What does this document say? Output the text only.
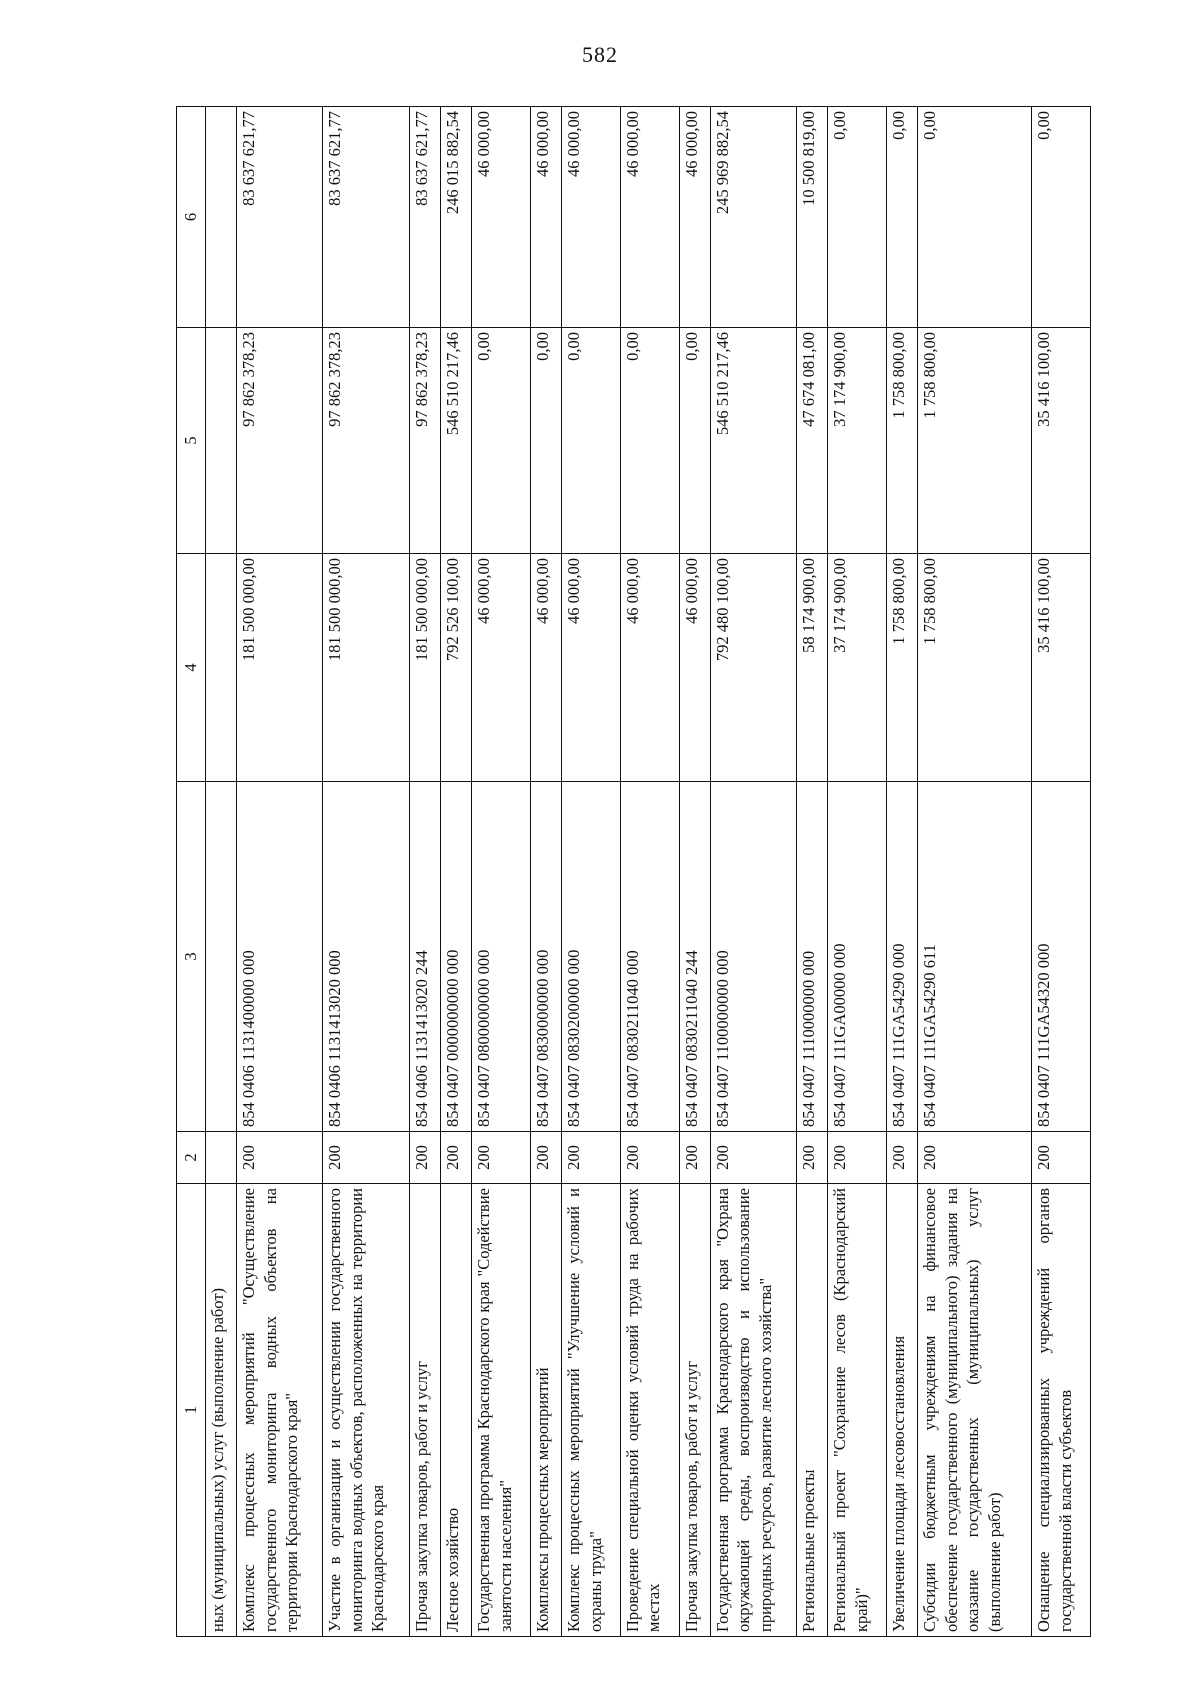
582
1	2	3	4	5	6
ных (муниципальных) услуг (выполнение работ)					
Комплекс процессных мероприятий "Осуществление государственного мониторинга водных объектов на территории Краснодарского края"	200	854 0406 1131400000 000	181 500 000,00	97 862 378,23	83 637 621,77
Участие в организации и осуществлении государственного мониторинга водных объектов, расположенных на территории Краснодарского края	200	854 0406 1131413020 000	181 500 000,00	97 862 378,23	83 637 621,77
Прочая закупка товаров, работ и услуг	200	854 0406 1131413020 244	181 500 000,00	97 862 378,23	83 637 621,77
Лесное хозяйство	200	854 0407 0000000000 000	792 526 100,00	546 510 217,46	246 015 882,54
Государственная программа Краснодарского края "Содействие занятости населения"	200	854 0407 0800000000 000	46 000,00	0,00	46 000,00
Комплексы процессных мероприятий	200	854 0407 0830000000 000	46 000,00	0,00	46 000,00
Комплекс процессных мероприятий "Улучшение условий и охраны труда"	200	854 0407 0830200000 000	46 000,00	0,00	46 000,00
Проведение специальной оценки условий труда на рабочих местах	200	854 0407 0830211040 000	46 000,00	0,00	46 000,00
Прочая закупка товаров, работ и услуг	200	854 0407 0830211040 244	46 000,00	0,00	46 000,00
Государственная программа Краснодарского края "Охрана окружающей среды, воспроизводство и использование природных ресурсов, развитие лесного хозяйства"	200	854 0407 1100000000 000	792 480 100,00	546 510 217,46	245 969 882,54
Региональные проекты	200	854 0407 1110000000 000	58 174 900,00	47 674 081,00	10 500 819,00
Региональный проект "Сохранение лесов (Краснодарский край)"	200	854 0407 111GA00000 000	37 174 900,00	37 174 900,00	0,00
Увеличение площади лесовосстановления	200	854 0407 111GA54290 000	1 758 800,00	1 758 800,00	0,00
Субсидии бюджетным учреждениям на финансовое обеспечение государственного (муниципального) задания на оказание государственных (муниципальных) услуг (выполнение работ)	200	854 0407 111GA54290 611	1 758 800,00	1 758 800,00	0,00
Оснащение специализированных учреждений органов государственной власти субъектов	200	854 0407 111GA54320 000	35 416 100,00	35 416 100,00	0,00
